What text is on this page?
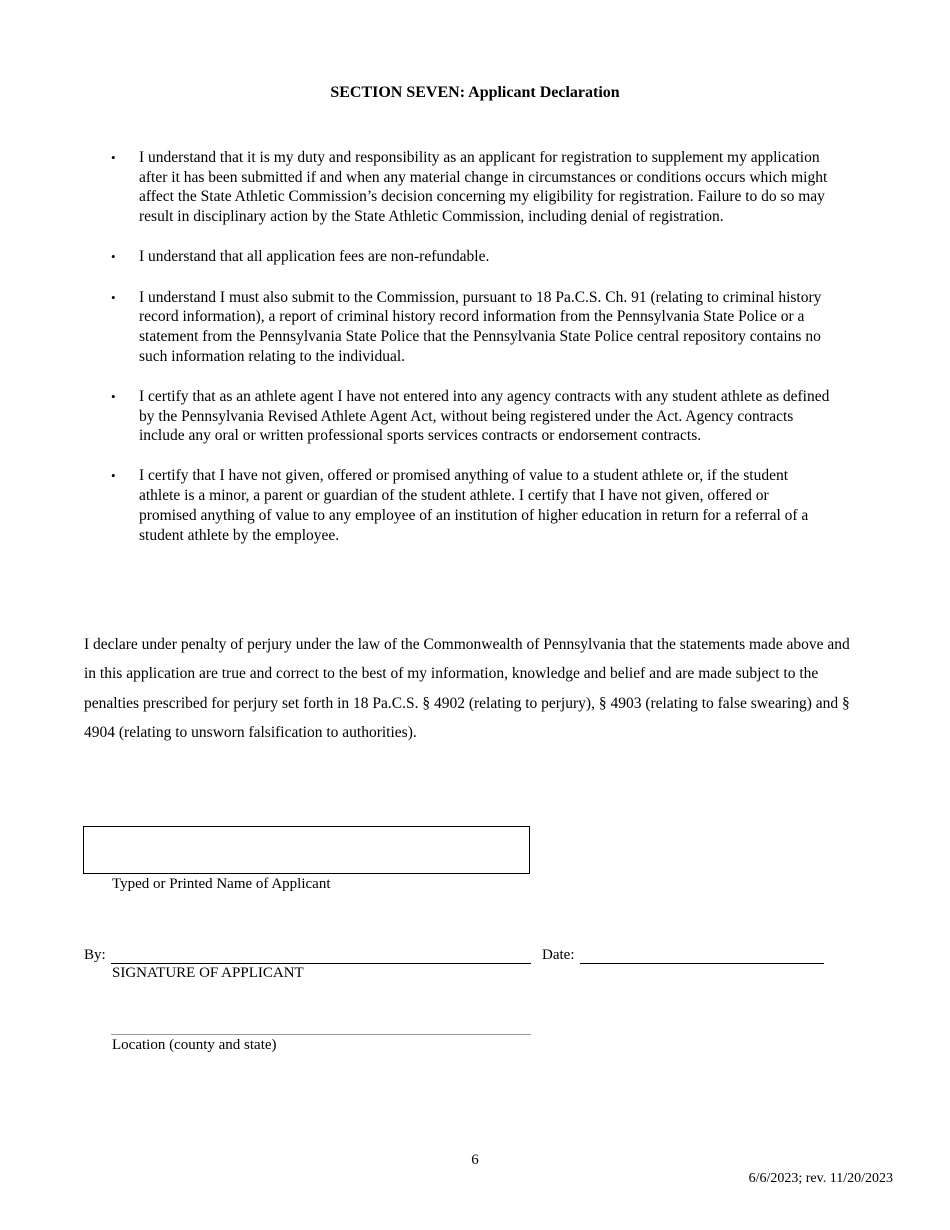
SECTION SEVEN: Applicant Declaration
• I understand that it is my duty and responsibility as an applicant for registration to supplement my application after it has been submitted if and when any material change in circumstances or conditions occurs which might affect the State Athletic Commission’s decision concerning my eligibility for registration. Failure to do so may result in disciplinary action by the State Athletic Commission, including denial of registration.
• I understand that all application fees are non-refundable.
• I understand I must also submit to the Commission, pursuant to 18 Pa.C.S. Ch. 91 (relating to criminal history record information), a report of criminal history record information from the Pennsylvania State Police or a statement from the Pennsylvania State Police that the Pennsylvania State Police central repository contains no such information relating to the individual.
• I certify that as an athlete agent I have not entered into any agency contracts with any student athlete as defined by the Pennsylvania Revised Athlete Agent Act, without being registered under the Act. Agency contracts include any oral or written professional sports services contracts or endorsement contracts.
• I certify that I have not given, offered or promised anything of value to a student athlete or, if the student athlete is a minor, a parent or guardian of the student athlete. I certify that I have not given, offered or promised anything of value to any employee of an institution of higher education in return for a referral of a student athlete by the employee.
I declare under penalty of perjury under the law of the Commonwealth of Pennsylvania that the statements made above and in this application are true and correct to the best of my information, knowledge and belief and are made subject to the penalties prescribed for perjury set forth in 18 Pa.C.S. § 4902 (relating to perjury), § 4903 (relating to false swearing) and § 4904 (relating to unsworn falsification to authorities).
Typed or Printed Name of Applicant
By:
SIGNATURE OF APPLICANT
Date:
Location (county and state)
6
6/6/2023; rev. 11/20/2023
